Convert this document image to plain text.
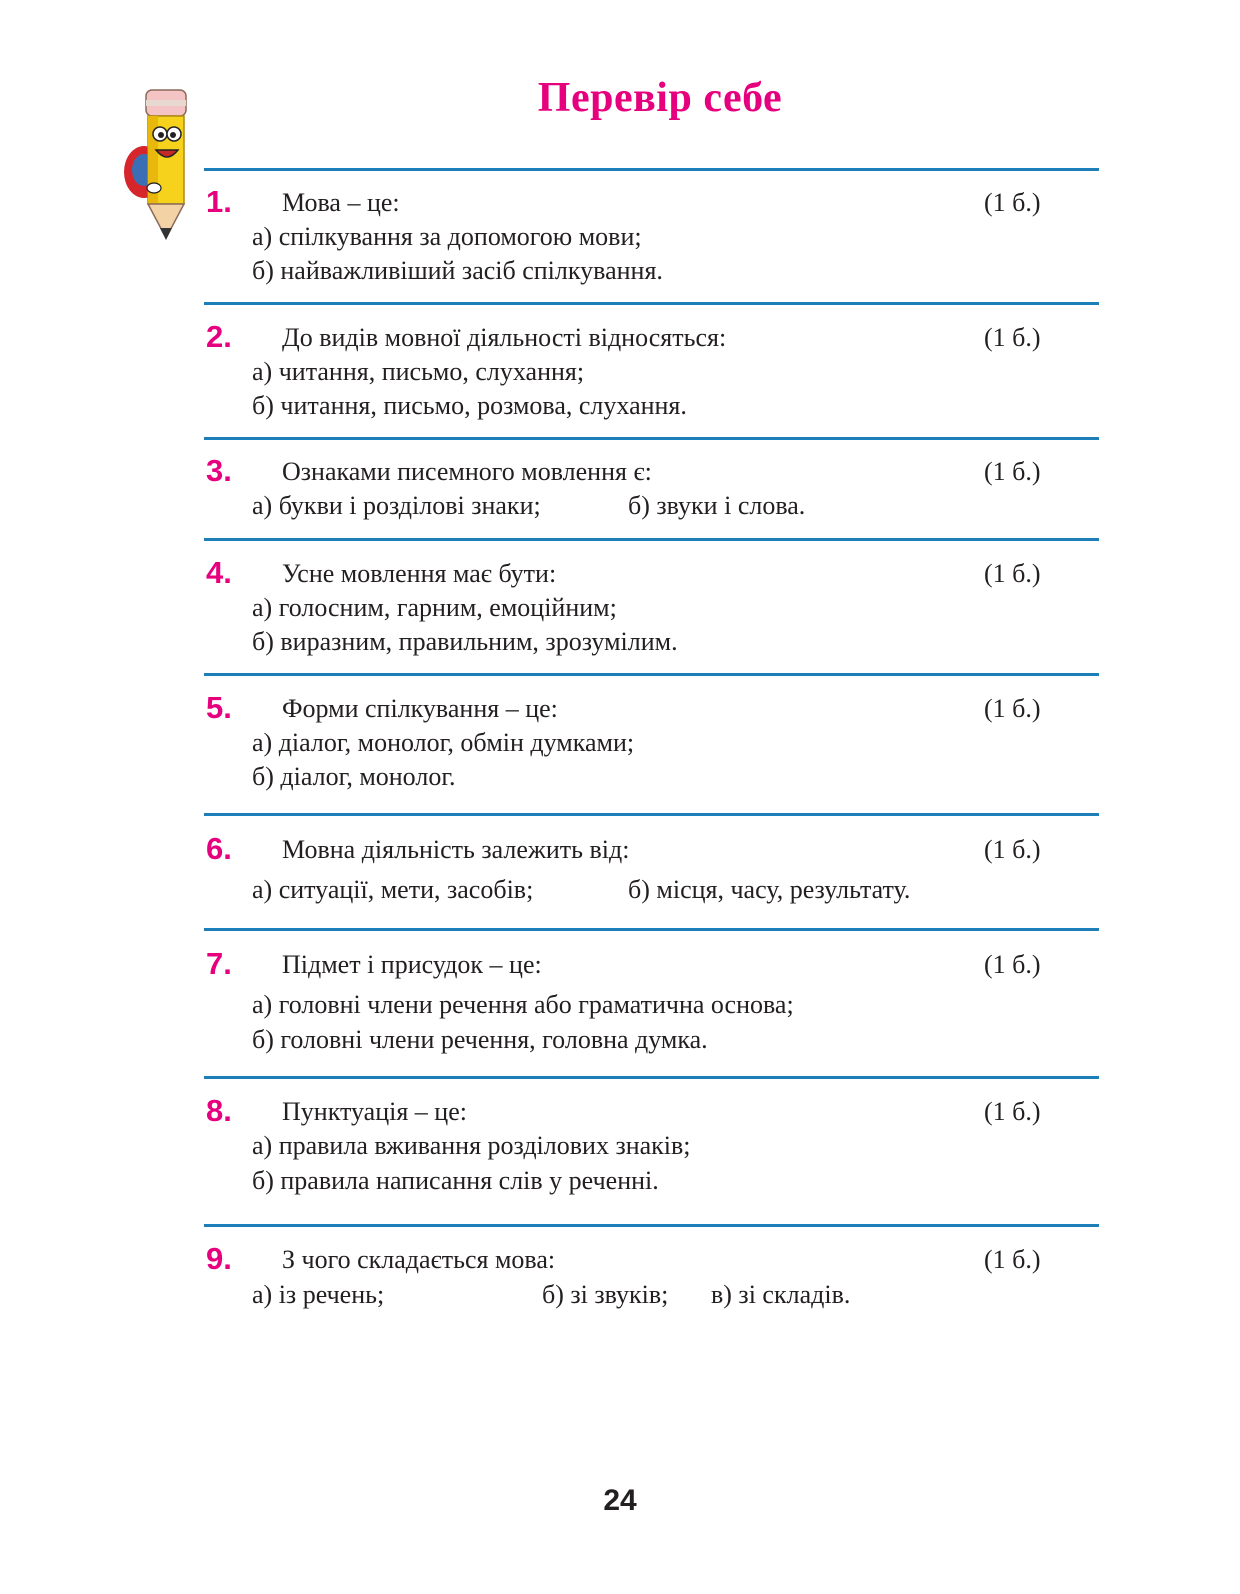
Перевір себе
1. Мова – це:	(1 б.)
а) спілкування за допомогою мови;
б) найважливіший засіб спілкування.
2. До видів мовної діяльності відносяться:	(1 б.)
а) читання, письмо, слухання;
б) читання, письмо, розмова, слухання.
3. Ознаками писемного мовлення є:	(1 б.)
а) букви і розділові знаки;	б) звуки і слова.
4. Усне мовлення має бути:	(1 б.)
а) голосним, гарним, емоційним;
б) виразним, правильним, зрозумілим.
5. Форми спілкування – це:	(1 б.)
а) діалог, монолог, обмін думками;
б) діалог, монолог.
6. Мовна діяльність залежить від:	(1 б.)
а) ситуації, мети, засобів;	б) місця, часу, результату.
7. Підмет і присудок – це:	(1 б.)
а) головні члени речення або граматична основа;
б) головні члени речення, головна думка.
8. Пунктуація – це:	(1 б.)
а) правила вживання розділових знаків;
б) правила написання слів у реченні.
9. З чого складається мова:	(1 б.)
а) із речень;	б) зі звуків; в) зі складів.
24
